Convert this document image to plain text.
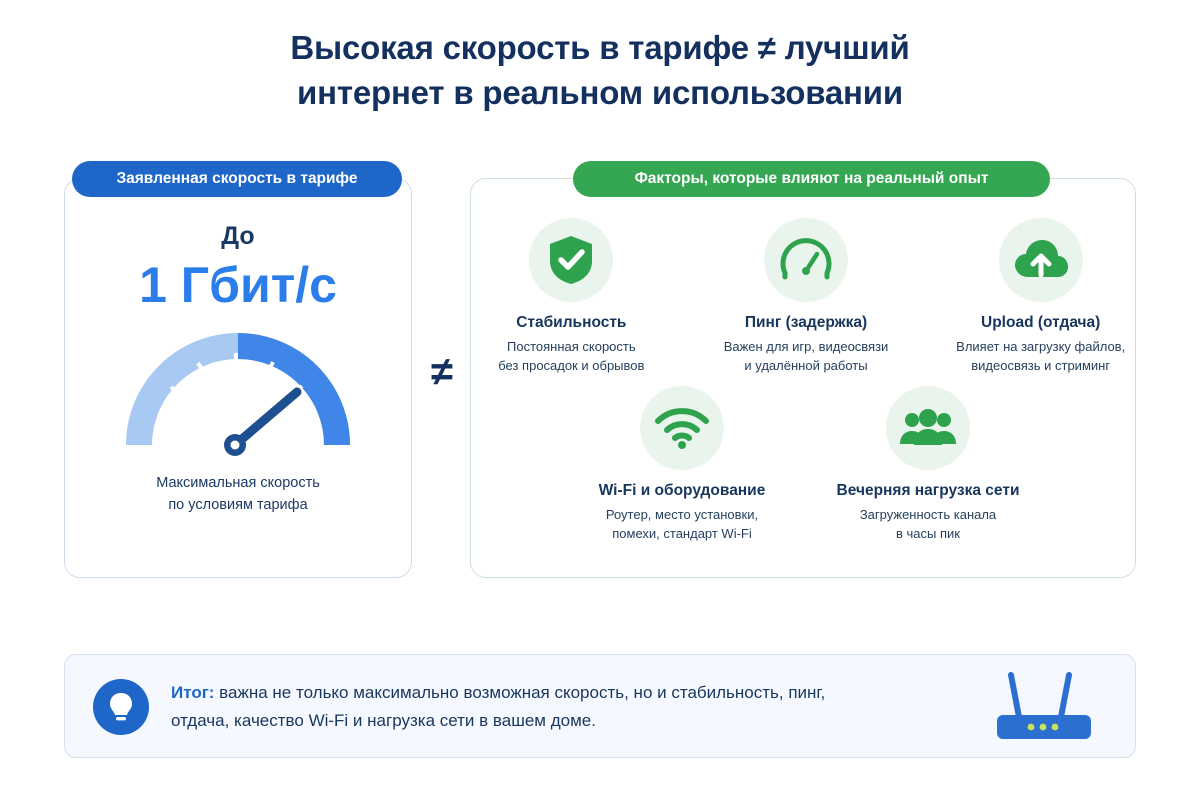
Высокая скорость в тарифе ≠ лучший
интернет в реальном использовании
Заявленная скорость в тарифе
До
1 Гбит/с
Максимальная скорость
по условиям тарифа
≠
Факторы, которые влияют на реальный опыт
Стабильность
Постоянная скорость
без просадок и обрывов
Пинг (задержка)
Важен для игр, видеосвязи
и удалённой работы
Upload (отдача)
Влияет на загрузку файлов,
видеосвязь и стриминг
Wi-Fi и оборудование
Роутер, место установки,
помехи, стандарт Wi-Fi
Вечерняя нагрузка сети
Загруженность канала
в часы пик
Итог: важна не только максимально возможная скорость, но и стабильность, пинг,
отдача, качество Wi-Fi и нагрузка сети в вашем доме.
